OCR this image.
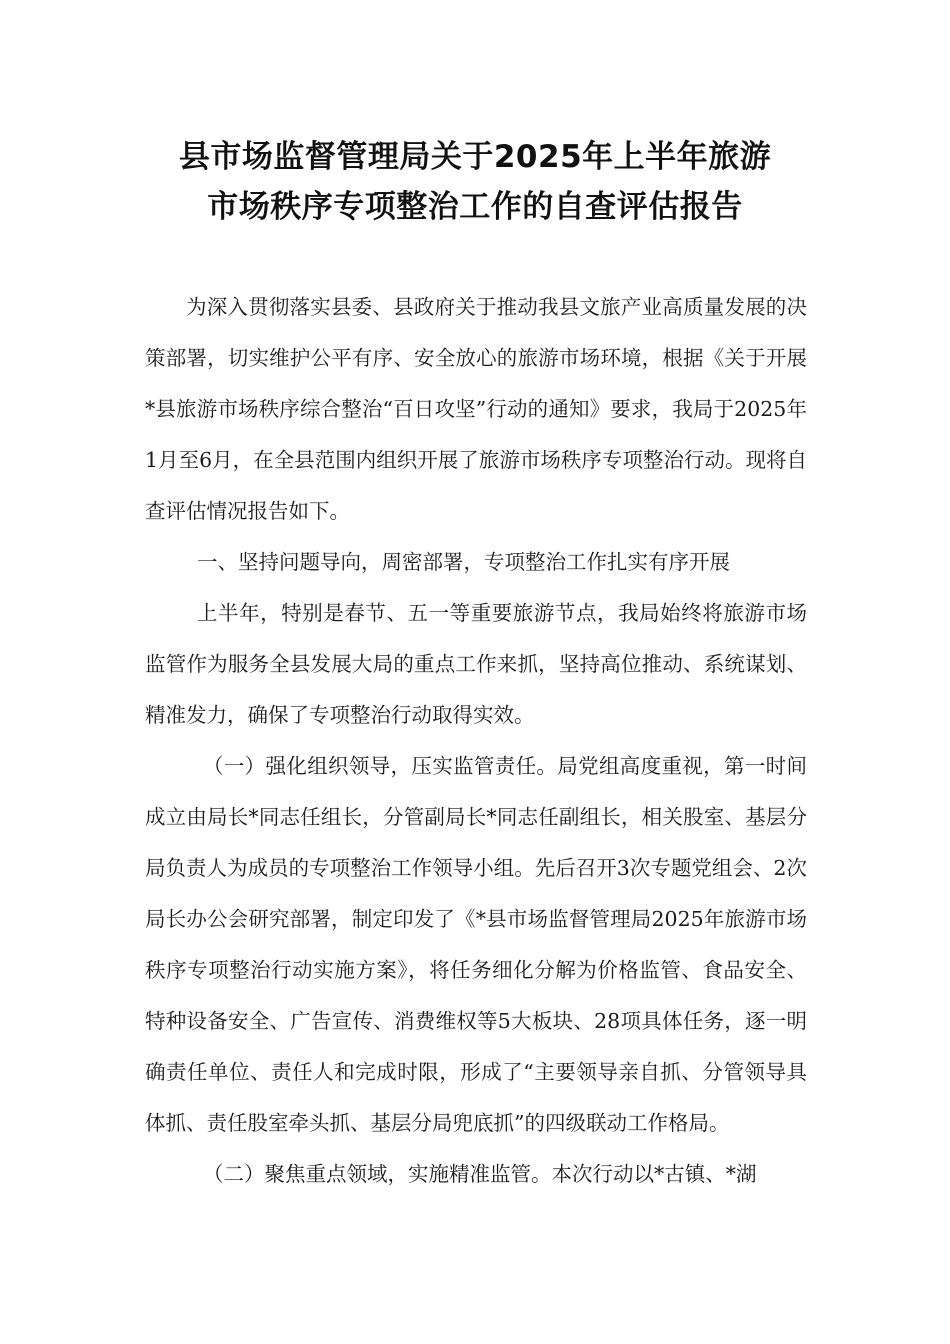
县市场监督管理局关于2025年上半年旅游
市场秩序专项整治工作的自查评估报告

为深入贯彻落实县委、县政府关于推动我县文旅产业高质量发展的决策部署，切实维护公平有序、安全放心的旅游市场环境，根据《关于开展*县旅游市场秩序综合整治“百日攻坚”行动的通知》要求，我局于2025年1月至6月，在全县范围内组织开展了旅游市场秩序专项整治行动。现将自查评估情况报告如下。

一、坚持问题导向，周密部署，专项整治工作扎实有序开展

上半年，特别是春节、五一等重要旅游节点，我局始终将旅游市场监管作为服务全县发展大局的重点工作来抓，坚持高位推动、系统谋划、精准发力，确保了专项整治行动取得实效。

（一）强化组织领导，压实监管责任。局党组高度重视，第一时间成立由局长*同志任组长，分管副局长*同志任副组长，相关股室、基层分局负责人为成员的专项整治工作领导小组。先后召开3次专题党组会、2次局长办公会研究部署，制定印发了《*县市场监督管理局2025年旅游市场秩序专项整治行动实施方案》，将任务细化分解为价格监管、食品安全、特种设备安全、广告宣传、消费维权等5大板块、28项具体任务，逐一明确责任单位、责任人和完成时限，形成了“主要领导亲自抓、分管领导具体抓、责任股室牵头抓、基层分局兜底抓”的四级联动工作格局。

（二）聚焦重点领域，实施精准监管。本次行动以*古镇、*湖
